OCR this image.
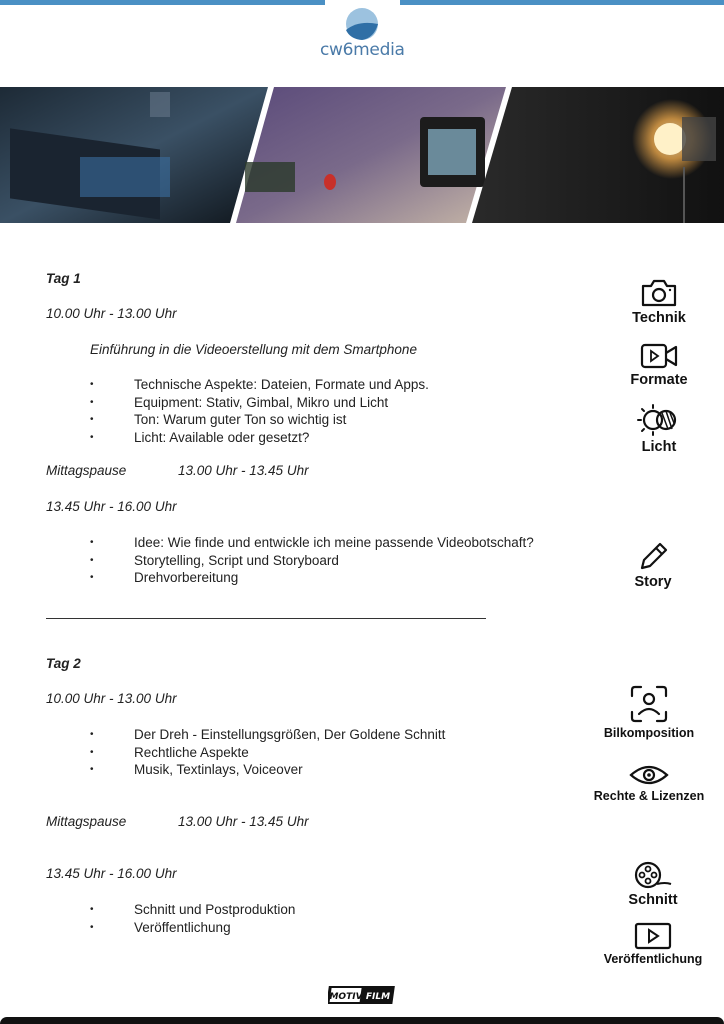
cw6media
Tag 1
10.00 Uhr - 13.00 Uhr
Einführung in die Videoerstellung mit dem Smartphone
• Technische Aspekte: Dateien, Formate und Apps.
• Equipment: Stativ, Gimbal, Mikro und Licht
• Ton: Warum guter Ton so wichtig ist
• Licht: Available oder gesetzt?
Mittagspause	13.00 Uhr - 13.45 Uhr
13.45 Uhr - 16.00 Uhr
• Idee: Wie finde und entwickle ich meine passende Videobotschaft?
• Storytelling, Script und Storyboard
• Drehvorbereitung
Tag 2
10.00 Uhr - 13.00 Uhr
• Der Dreh - Einstellungsgrößen, Der Goldene Schnitt
• Rechtliche Aspekte
• Musik, Textinlays, Voiceover
Mittagspause	13.00 Uhr - 13.45 Uhr
13.45 Uhr - 16.00 Uhr
• Schnitt und Postproduktion
• Veröffentlichung
Technik
Formate
Licht
Story
Bilkomposition
Rechte & Lizenzen
Schnitt
Veröffentlichung
MOTIV FILM
